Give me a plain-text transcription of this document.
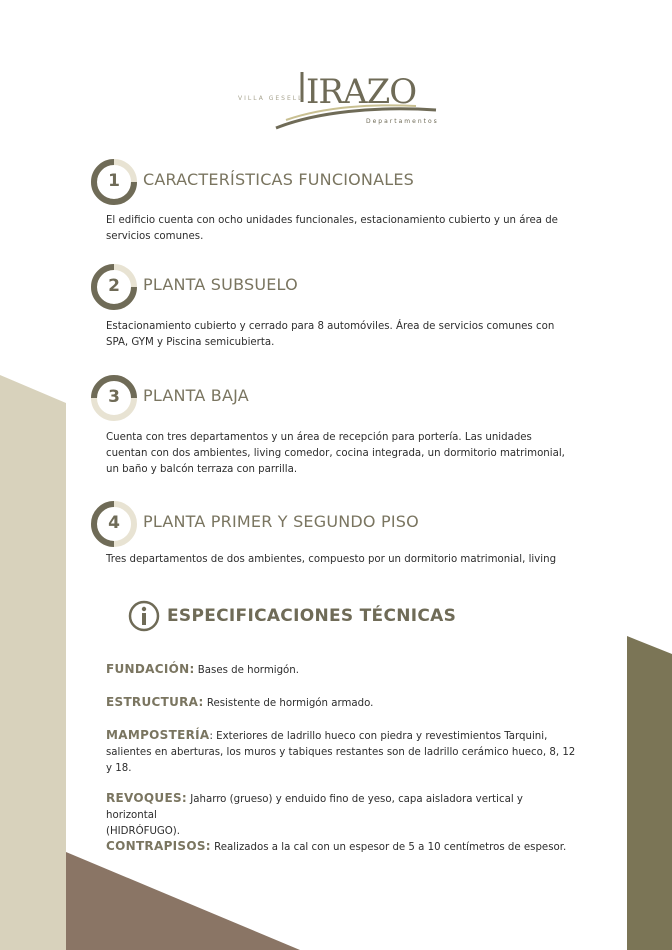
IRAZO
VILLA GESELL
Departamentos
1	CARACTERÍSTICAS FUNCIONALES
El edificio cuenta con ocho unidades funcionales, estacionamiento cubierto y un área de
servicios comunes.
2	PLANTA SUBSUELO
Estacionamiento cubierto y cerrado para 8 automóviles. Área de servicios comunes con
SPA, GYM y Piscina semicubierta.
3	PLANTA BAJA
Cuenta con tres departamentos y un área de recepción para portería. Las unidades
cuentan con dos ambientes, living comedor, cocina integrada, un dormitorio matrimonial,
un baño y balcón terraza con parrilla.
4	PLANTA PRIMER Y SEGUNDO PISO
Tres departamentos de dos ambientes, compuesto por un dormitorio matrimonial, living
ESPECIFICACIONES TÉCNICAS
FUNDACIÓN: Bases de hormigón.
ESTRUCTURA: Resistente de hormigón armado.
MAMPOSTERÍA: Exteriores de ladrillo hueco con piedra y revestimientos Tarquini,
salientes en aberturas, los muros y tabiques restantes son de ladrillo cerámico hueco, 8, 12
y 18.
REVOQUES: Jaharro (grueso) y enduido fino de yeso, capa aisladora vertical y horizontal
(HIDRÓFUGO).
CONTRAPISOS: Realizados a la cal con un espesor de 5 a 10 centímetros de espesor.
